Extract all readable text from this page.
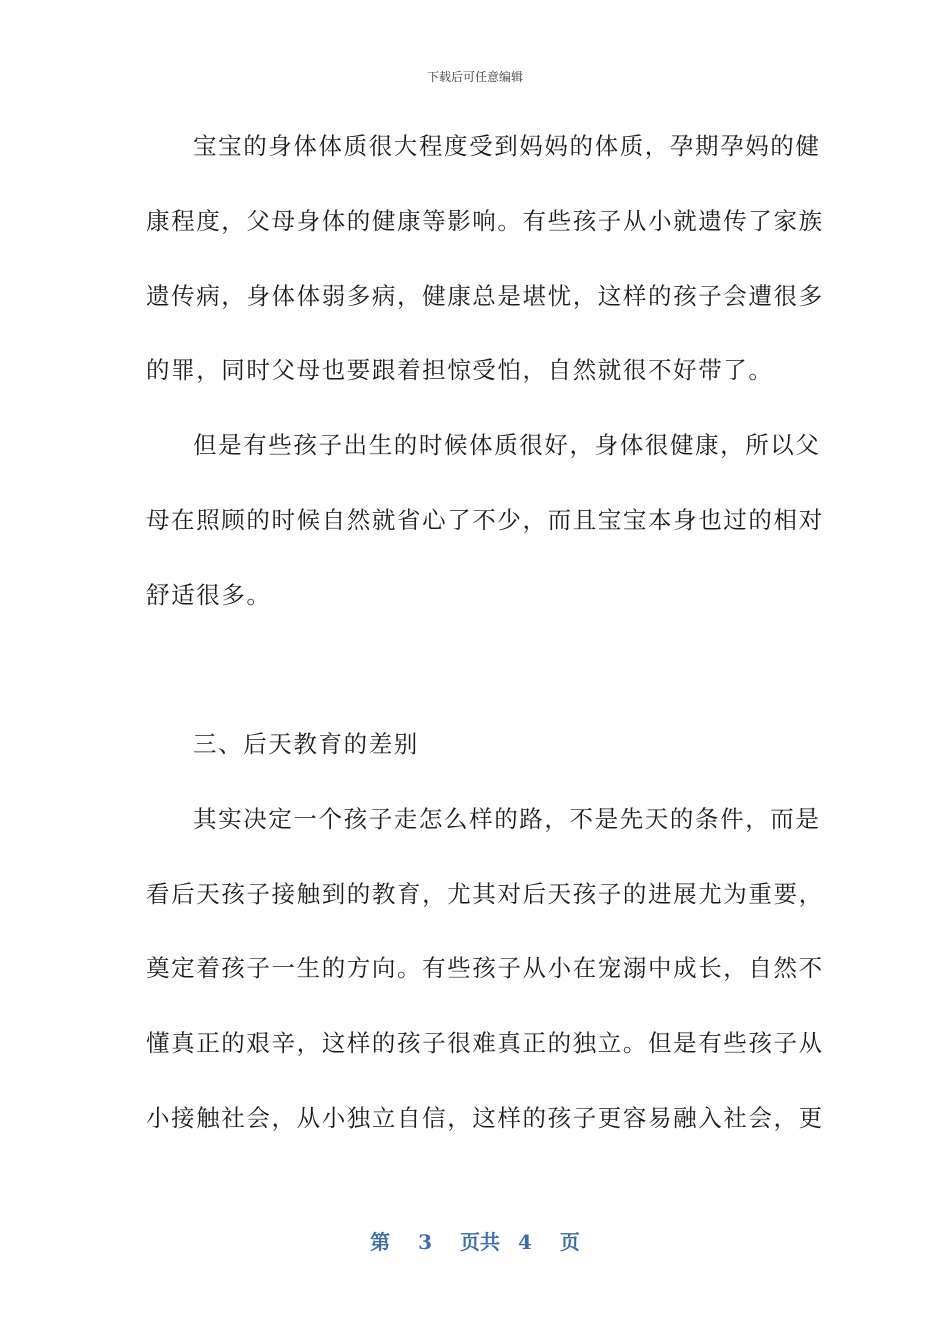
下载后可任意编辑
宝宝的身体体质很大程度受到妈妈的体质，孕期孕妈的健
康程度，父母身体的健康等影响。有些孩子从小就遗传了家族
遗传病，身体体弱多病，健康总是堪忧，这样的孩子会遭很多
的罪，同时父母也要跟着担惊受怕，自然就很不好带了。
但是有些孩子出生的时候体质很好，身体很健康，所以父
母在照顾的时候自然就省心了不少，而且宝宝本身也过的相对
舒适很多。
三、后天教育的差别
其实决定一个孩子走怎么样的路，不是先天的条件，而是
看后天孩子接触到的教育，尤其对后天孩子的进展尤为重要，
奠定着孩子一生的方向。有些孩子从小在宠溺中成长，自然不
懂真正的艰辛，这样的孩子很难真正的独立。但是有些孩子从
小接触社会，从小独立自信，这样的孩子更容易融入社会，更
第 3 页共 4 页
